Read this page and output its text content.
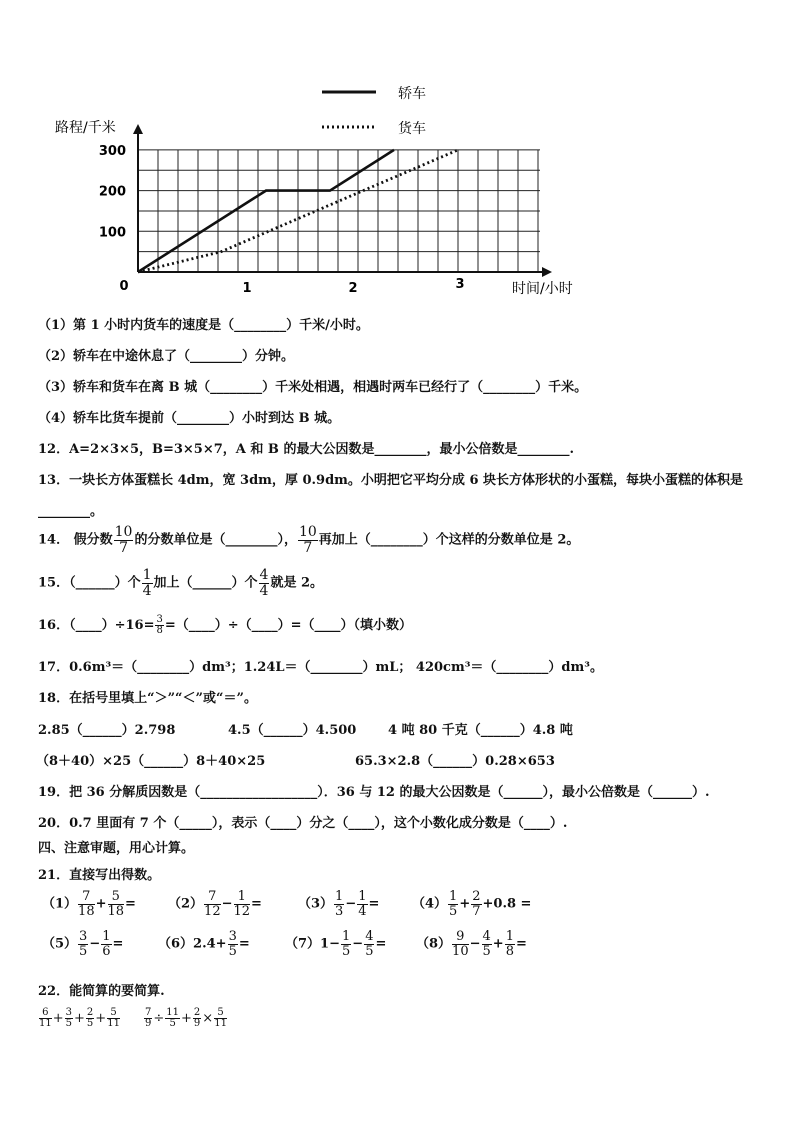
轿车
货车
路程/千米
时间/小时
0	1	2	3
100
200
300
（1）第 1 小时内货车的速度是（________）千米/小时。
（2）轿车在中途休息了（________）分钟。
（3）轿车和货车在离 B 城（________）千米处相遇，相遇时两车已经行了（________）千米。
（4）轿车比货车提前（________）小时到达 B 城。
12．A=2×3×5，B=3×5×7，A 和 B 的最大公因数是________，最小公倍数是________.
13．一块长方体蛋糕长 4dm，宽 3dm，厚 0.9dm。小明把它平均分成 6 块长方体形状的小蛋糕，每块小蛋糕的体积是
________。
14． 假分数 $\frac{10}{7}$ 的分数单位是（________）， $\frac{10}{7}$ 再加上（________）个这样的分数单位是 2。
15．（______）个 $\frac{1}{4}$ 加上（______）个 $\frac{4}{4}$ 就是 2。
16．（____）÷16= $\frac{3}{8}$ =（____）÷（____）=（____）（填小数）
17．0.6m³＝（________）dm³；1.24L＝（________）mL； 420cm³＝（________）dm³。
18．在括号里填上“＞”“＜”或“＝”。
2.85（______）2.798	4.5（______）4.500 4 吨 80 千克（______）4.8 吨
（8＋40）×25（______）8＋40×25	65.3×2.8（______）0.28×653
19．把 36 分解质因数是（__________________）．36 与 12 的最大公因数是（______），最小公倍数是（______）.
20．0.7 里面有 7 个（_____），表示（____）分之（____），这个小数化成分数是（____）.
四、注意审题，用心计算。
21．直接写出得数。
$(1) \frac{7}{18} + \frac{5}{18} = (2) \frac{7}{12} - \frac{1}{12}$ =	$(3) \frac{1}{3} - \frac{1}{4}$ =	$(4) \frac{1}{5} + \frac{2}{7} +0.8$ =
$(5) \frac{3}{5} - \frac{1}{6}$ =	$(6)2.4+ \frac{3}{5}$ =	$(7)1- \frac{1}{5} - \frac{4}{5} = (8) \frac{9}{10} - \frac{4}{5} + \frac{1}{8}$ =
22．能简算的要简算.
$\frac{6}{11} + \frac{3}{5} + \frac{2}{5} + \frac{5}{11} \frac{7}{9} \div \frac{11}{5} + \frac{2}{9} \times \frac{5}{11}$
